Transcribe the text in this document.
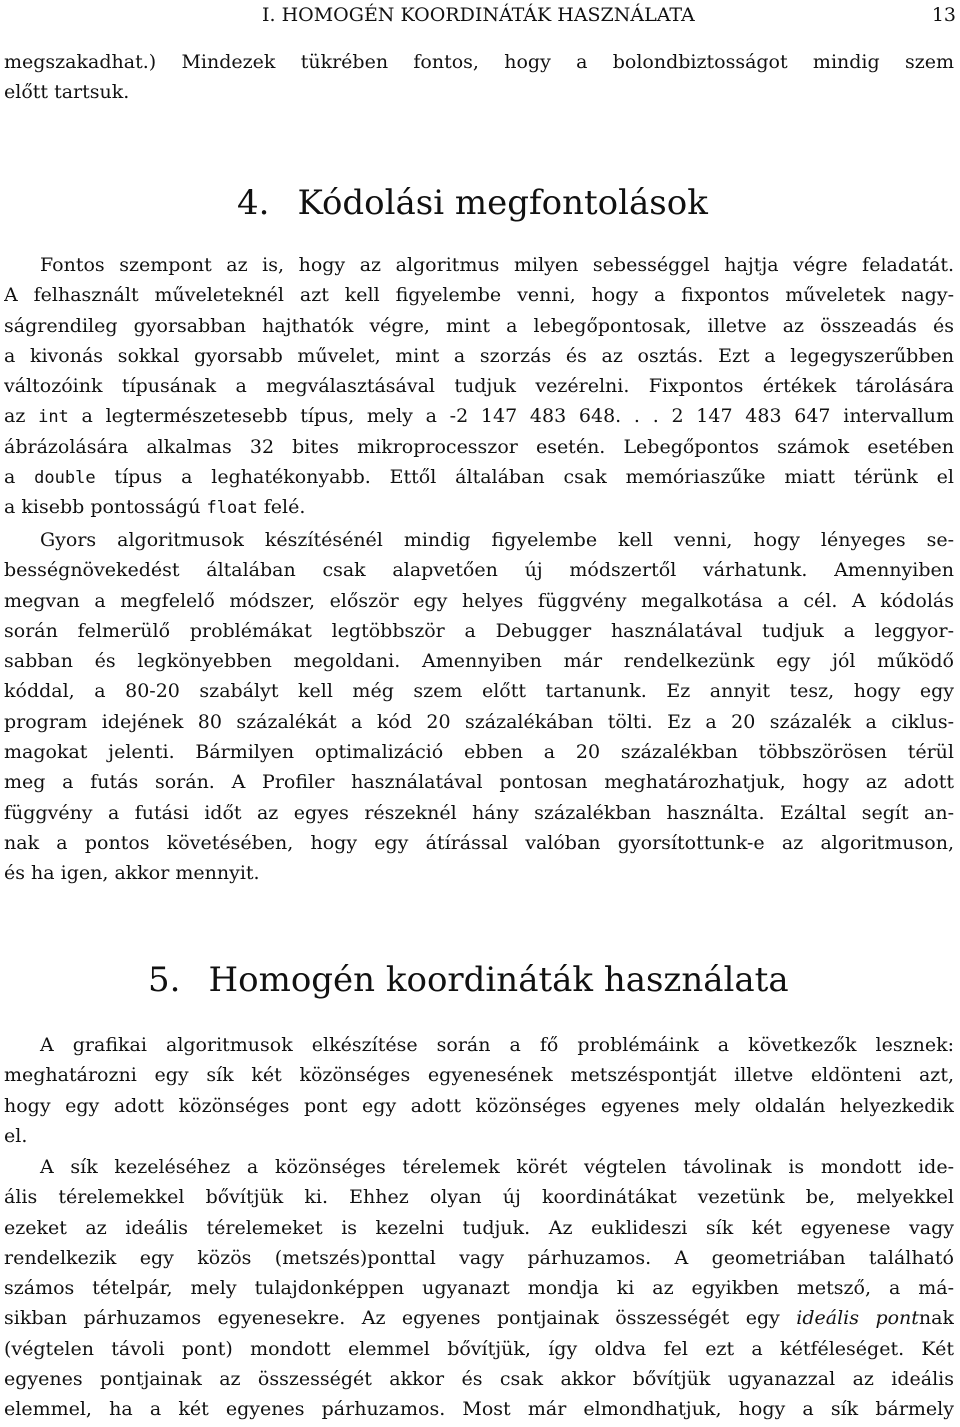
I. HOMOGÉN KOORDINÁTÁK HASZNÁLATA	13
megszakadhat.) Mindezek tükrében fontos, hogy a bolondbiztosságot mindig szem
előtt tartsuk.
4. Kódolási megfontolások
Fontos szempont az is, hogy az algoritmus milyen sebességgel hajtja végre feladatát.
A felhasznált műveleteknél azt kell figyelembe venni, hogy a fixpontos műveletek nagy-
ságrendileg gyorsabban hajthatók végre, mint a lebegőpontosak, illetve az összeadás és
a kivonás sokkal gyorsabb művelet, mint a szorzás és az osztás. Ezt a legegyszerűbben
változóink típusának a megválasztásával tudjuk vezérelni. Fixpontos értékek tárolására
az int a legtermészetesebb típus, mely a -2 147 483 648. . . 2 147 483 647 intervallum
ábrázolására alkalmas 32 bites mikroprocesszor esetén. Lebegőpontos számok esetében
a double típus a leghatékonyabb. Ettől általában csak memóriaszűke miatt térünk el
a kisebb pontosságú float felé.
Gyors algoritmusok készítésénél mindig figyelembe kell venni, hogy lényeges se-
bességnövekedést általában csak alapvetően új módszertől várhatunk. Amennyiben
megvan a megfelelő módszer, először egy helyes függvény megalkotása a cél. A kódolás
során felmerülő problémákat legtöbbször a Debugger használatával tudjuk a leggyor-
sabban és legkönyebben megoldani. Amennyiben már rendelkezünk egy jól működő
kóddal, a 80-20 szabályt kell még szem előtt tartanunk. Ez annyit tesz, hogy egy
program idejének 80 százalékát a kód 20 százalékában tölti. Ez a 20 százalék a ciklus-
magokat jelenti. Bármilyen optimalizáció ebben a 20 százalékban többszörösen térül
meg a futás során. A Profiler használatával pontosan meghatározhatjuk, hogy az adott
függvény a futási időt az egyes részeknél hány százalékban használta. Ezáltal segít an-
nak a pontos követésében, hogy egy átírással valóban gyorsítottunk-e az algoritmuson,
és ha igen, akkor mennyit.
5. Homogén koordináták használata
A grafikai algoritmusok elkészítése során a fő problémáink a következők lesznek:
meghatározni egy sík két közönséges egyenesének metszéspontját illetve eldönteni azt,
hogy egy adott közönséges pont egy adott közönséges egyenes mely oldalán helyezkedik
el.
A sík kezeléséhez a közönséges térelemek körét végtelen távolinak is mondott ide-
ális térelemekkel bővítjük ki. Ehhez olyan új koordinátákat vezetünk be, melyekkel
ezeket az ideális térelemeket is kezelni tudjuk. Az euklideszi sík két egyenese vagy
rendelkezik egy közös (metszés)ponttal vagy párhuzamos. A geometriában található
számos tételpár, mely tulajdonképpen ugyanazt mondja ki az egyikben metsző, a má-
sikban párhuzamos egyenesekre. Az egyenes pontjainak összességét egy ideális pontnak
(végtelen távoli pont) mondott elemmel bővítjük, így oldva fel ezt a kétféleséget. Két
egyenes pontjainak az összességét akkor és csak akkor bővítjük ugyanazzal az ideális
elemmel, ha a két egyenes párhuzamos. Most már elmondhatjuk, hogy a sík bármely
